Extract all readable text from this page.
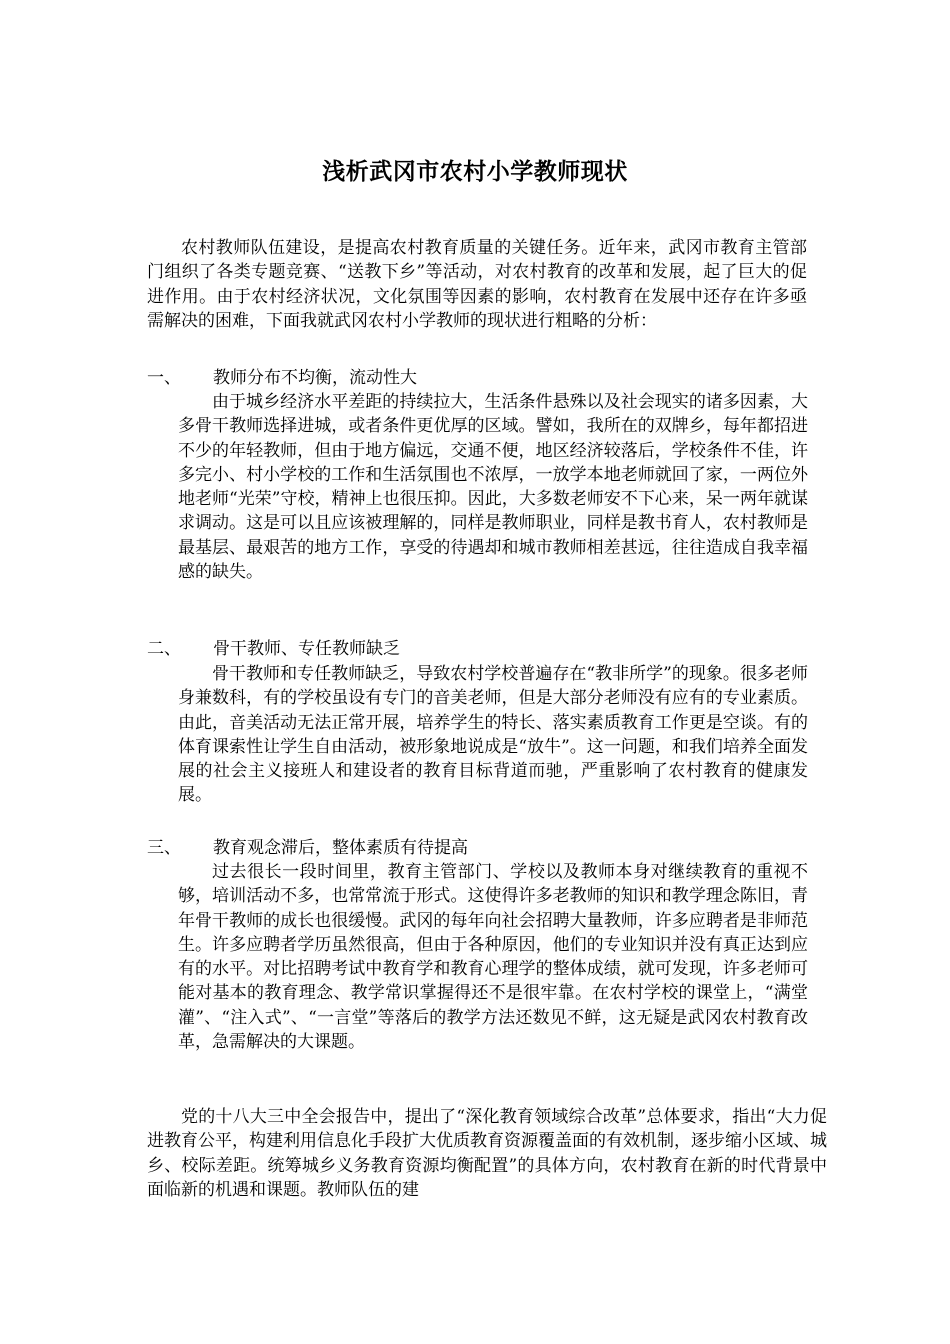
浅析武冈市农村小学教师现状

农村教师队伍建设，是提高农村教育质量的关键任务。近年来，武冈市教育主管部门组织了各类专题竞赛、“送教下乡”等活动，对农村教育的改革和发展，起了巨大的促进作用。由于农村经济状况，文化氛围等因素的影响，农村教育在发展中还存在许多亟需解决的困难，下面我就武冈农村小学教师的现状进行粗略的分析：

一、 教师分布不均衡，流动性大

由于城乡经济水平差距的持续拉大，生活条件悬殊以及社会现实的诸多因素，大多骨干教师选择进城，或者条件更优厚的区域。譬如，我所在的双牌乡，每年都招进不少的年轻教师，但由于地方偏远，交通不便，地区经济较落后，学校条件不佳，许多完小、村小学校的工作和生活氛围也不浓厚，一放学本地老师就回了家，一两位外地老师“光荣”守校，精神上也很压抑。因此，大多数老师安不下心来，呆一两年就谋求调动。这是可以且应该被理解的，同样是教师职业，同样是教书育人，农村教师是最基层、最艰苦的地方工作，享受的待遇却和城市教师相差甚远，往往造成自我幸福感的缺失。

二、 骨干教师、专任教师缺乏

骨干教师和专任教师缺乏，导致农村学校普遍存在“教非所学”的现象。很多老师身兼数科，有的学校虽设有专门的音美老师，但是大部分老师没有应有的专业素质。由此，音美活动无法正常开展，培养学生的特长、落实素质教育工作更是空谈。有的体育课索性让学生自由活动，被形象地说成是“放牛”。这一问题，和我们培养全面发展的社会主义接班人和建设者的教育目标背道而驰，严重影响了农村教育的健康发展。

三、 教育观念滞后，整体素质有待提高

过去很长一段时间里，教育主管部门、学校以及教师本身对继续教育的重视不够，培训活动不多，也常常流于形式。这使得许多老教师的知识和教学理念陈旧，青年骨干教师的成长也很缓慢。武冈的每年向社会招聘大量教师，许多应聘者是非师范生。许多应聘者学历虽然很高，但由于各种原因，他们的专业知识并没有真正达到应有的水平。对比招聘考试中教育学和教育心理学的整体成绩，就可发现，许多老师可能对基本的教育理念、教学常识掌握得还不是很牢靠。在农村学校的课堂上，“满堂灌”、“注入式”、“一言堂”等落后的教学方法还数见不鲜，这无疑是武冈农村教育改革，急需解决的大课题。

党的十八大三中全会报告中，提出了“深化教育领域综合改革”总体要求，指出“大力促进教育公平，构建利用信息化手段扩大优质教育资源覆盖面的有效机制，逐步缩小区域、城乡、校际差距。统筹城乡义务教育资源均衡配置”的具体方向，农村教育在新的时代背景中面临新的机遇和课题。教师队伍的建
